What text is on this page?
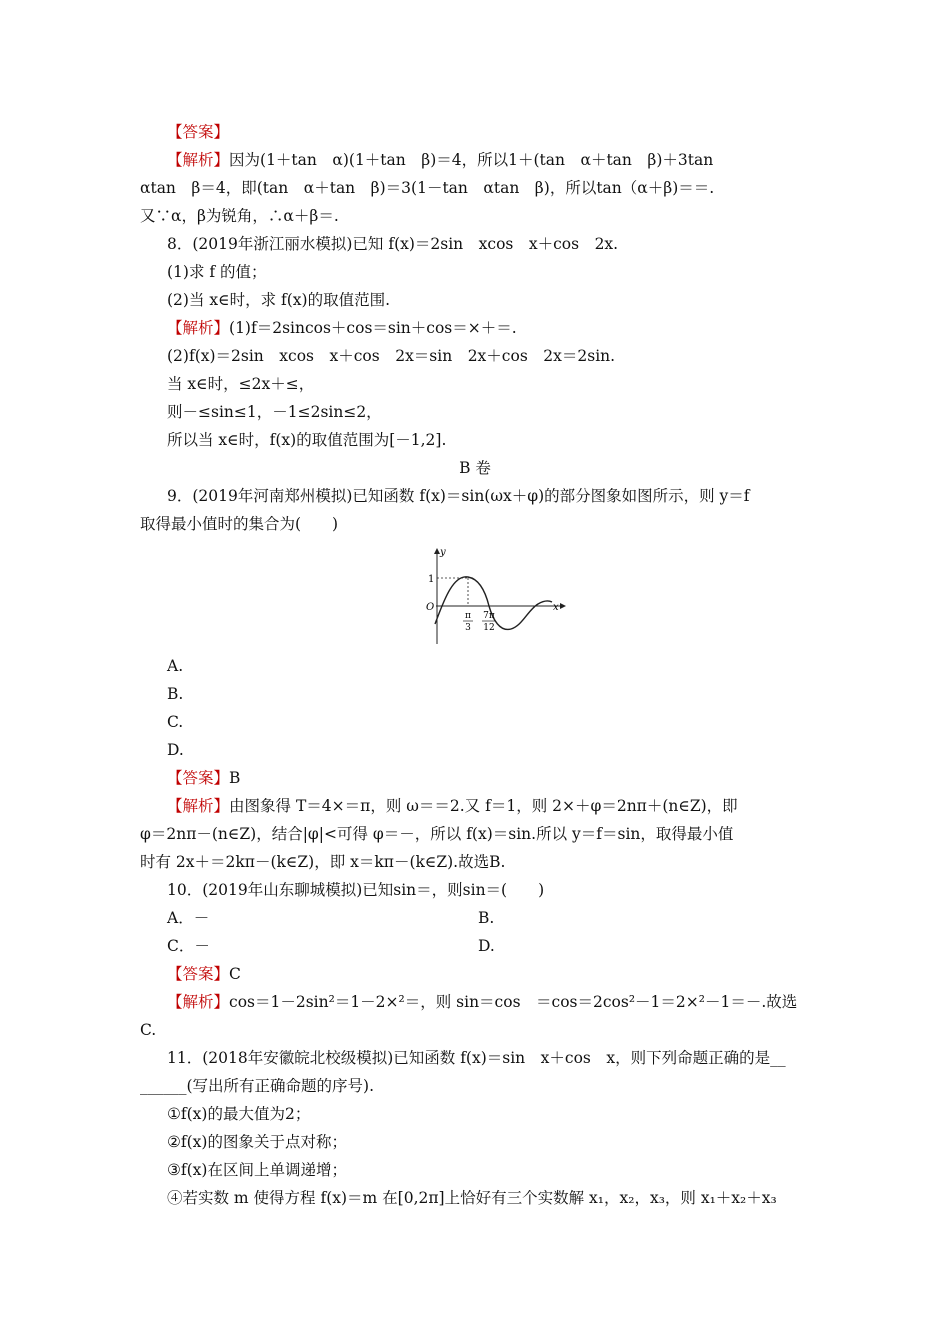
【答案】
【解析】因为(1＋tan　α)(1＋tan　β)＝4，所以1＋(tan　α＋tan　β)＋3tan
αtan　β＝4，即(tan　α＋tan　β)＝3(1－tan　αtan　β)，所以tan（α＋β)＝＝.
又∵α，β为锐角，∴α＋β＝.
8．(2019年浙江丽水模拟)已知 f(x)＝2sin　xcos　x＋cos　2x.
(1)求 f 的值；
(2)当 x∈时，求 f(x)的取值范围.
【解析】(1)f＝2sincos＋cos＝sin＋cos＝×＋＝.
(2)f(x)＝2sin　xcos　x＋cos　2x＝sin　2x＋cos　2x＝2sin.
当 x∈时，≤2x＋≤，
则－≤sin≤1，－1≤2sin≤2，
所以当 x∈时，f(x)的取值范围为[－1,2].
B 卷
9．(2019年河南郑州模拟)已知函数 f(x)＝sin(ωx＋φ)的部分图象如图所示，则 y＝f
取得最小值时的集合为(　　)
y
x
O
1
π
3
7π
12
A.
B.
C.
D.
【答案】B
【解析】由图象得 T＝4×＝π，则 ω＝＝2.又 f＝1，则 2×＋φ＝2nπ＋(n∈Z)，即
φ＝2nπ－(n∈Z)，结合|φ|<可得 φ＝－，所以 f(x)＝sin.所以 y＝f＝sin，取得最小值
时有 2x＋＝2kπ－(k∈Z)，即 x＝kπ－(k∈Z).故选B.
10．(2019年山东聊城模拟)已知sin＝，则sin＝(　　)
A．－	B.
C．－	D.
【答案】C
【解析】cos＝1－2sin²＝1－2×²＝，则 sin＝cos　＝cos＝2cos²－1＝2×²－1＝－.故选
C.
11．(2018年安徽皖北校级模拟)已知函数 f(x)＝sin　x＋cos　x，则下列命题正确的是__
______(写出所有正确命题的序号).
①f(x)的最大值为2；
②f(x)的图象关于点对称；
③f(x)在区间上单调递增；
④若实数 m 使得方程 f(x)＝m 在[0,2π]上恰好有三个实数解 x₁，x₂，x₃，则 x₁＋x₂＋x₃
